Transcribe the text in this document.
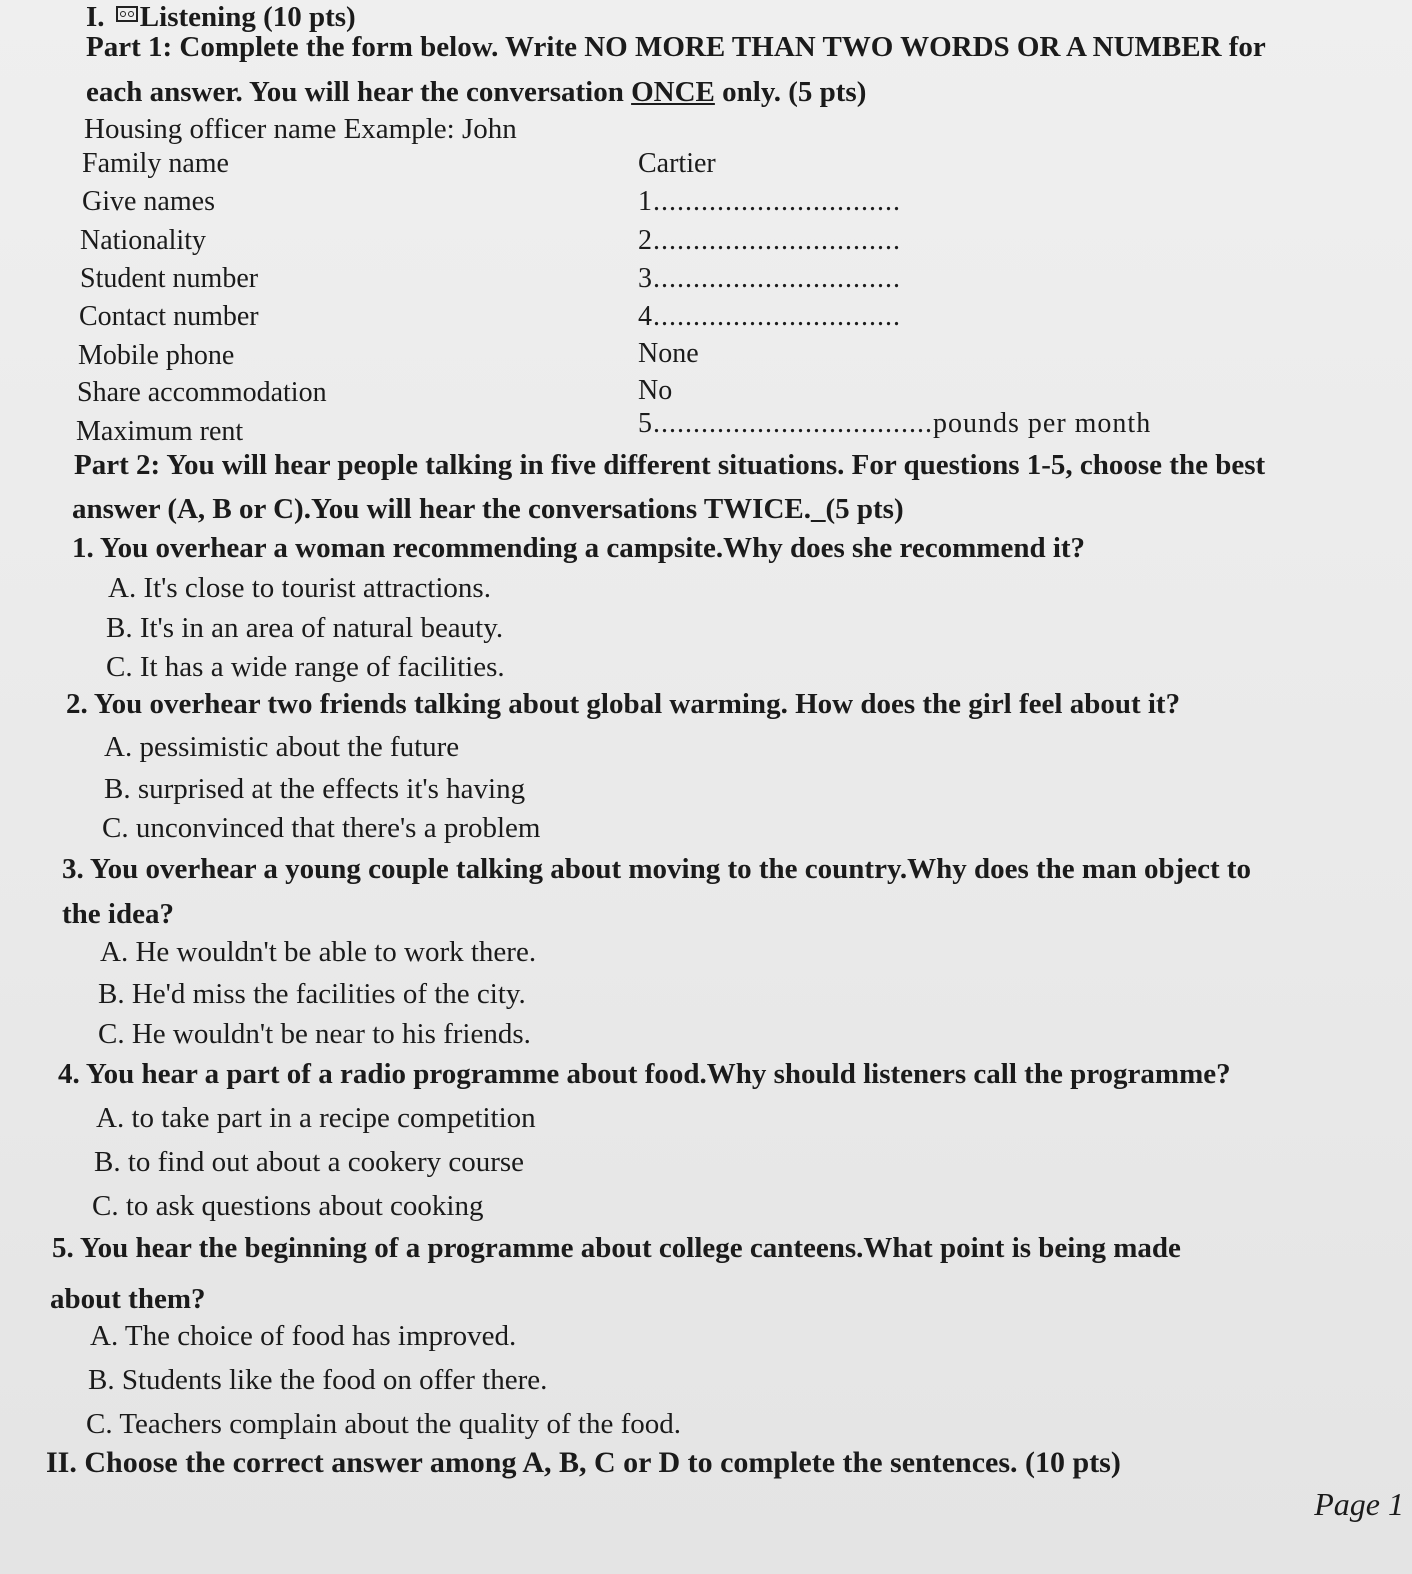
I. Listening (10 pts)
Part 1: Complete the form below. Write NO MORE THAN TWO WORDS OR A NUMBER for
each answer. You will hear the conversation ONCE only. (5 pts)
Housing officer name Example: John
Family name	Cartier
Give names	1...............................
Nationality	2...............................
Student number	3...............................
Contact number	4...............................
Mobile phone	None
Share accommodation	No
Maximum rent	5...................................pounds per month
Part 2: You will hear people talking in five different situations. For questions 1-5, choose the best
answer (A, B or C).You will hear the conversations TWICE._(5 pts)
1. You overhear a woman recommending a campsite.Why does she recommend it?
A. It's close to tourist attractions.
B. It's in an area of natural beauty.
C. It has a wide range of facilities.
2. You overhear two friends talking about global warming. How does the girl feel about it?
A. pessimistic about the future
B. surprised at the effects it's having
C. unconvinced that there's a problem
3. You overhear a young couple talking about moving to the country.Why does the man object to
the idea?
A. He wouldn't be able to work there.
B. He'd miss the facilities of the city.
C. He wouldn't be near to his friends.
4. You hear a part of a radio programme about food.Why should listeners call the programme?
A. to take part in a recipe competition
B. to find out about a cookery course
C. to ask questions about cooking
5. You hear the beginning of a programme about college canteens.What point is being made
about them?
A. The choice of food has improved.
B. Students like the food on offer there.
C. Teachers complain about the quality of the food.
II. Choose the correct answer among A, B, C or D to complete the sentences. (10 pts)
Page 1
